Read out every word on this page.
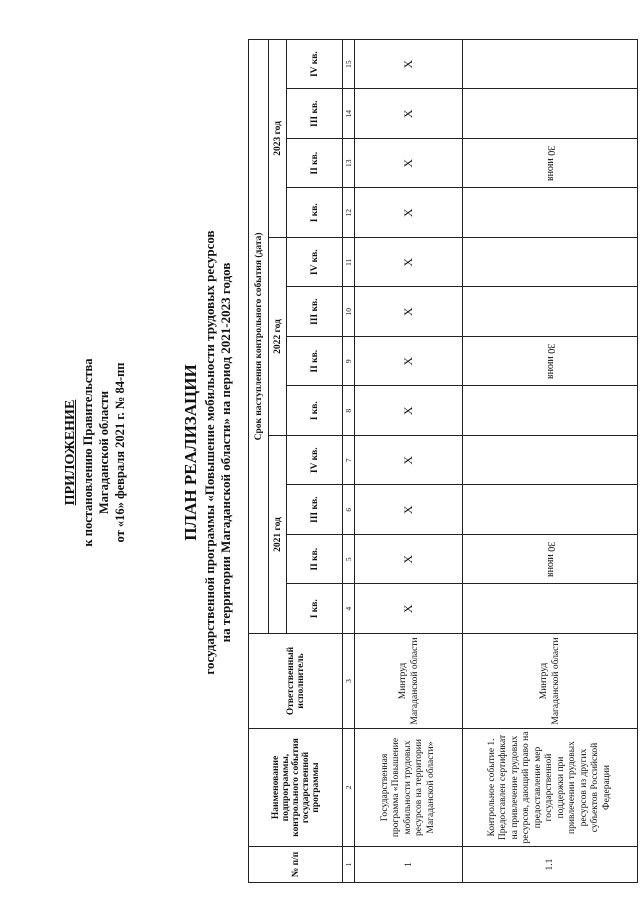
ПРИЛОЖЕНИЕ к постановлению Правительства Магаданской области от «16» февраля 2021 г. № 84-пп	ПЛАН РЕАЛИЗАЦИИ государственной программы «Повышение мобильности трудовых ресурсов на территории Магаданской области» на период 2021-2023 годов
№ п/п	Наименование подпрограммы, контрольного события государственной программы	Ответственный исполнитель	Срок наступления контрольного события (дата)											
			2021 год				2022 год				2023 год			
			I кв.	II кв.	III кв.	IV кв.	I кв.	II кв.	III кв.	IV кв.	I кв.	II кв.	III кв.	IV кв.
1	2	3	4	5	6	7	8	9	10	11	12	13	14	15
1	Государственная программа «Повышение мобильности трудовых ресурсов на территории Магаданской области»	Минтруд Магаданской области	X	X	X	X	X	X	X	X	X	X	X	X
1.1	Контрольное событие 1. Предоставлен сертификат на привлечение трудовых ресурсов, дающий право на предоставление мер государственной поддержки при привлечении трудовых ресурсов из других субъектов Российской Федерации	Минтруд Магаданской области		30 июня				30 июня				30 июня		
